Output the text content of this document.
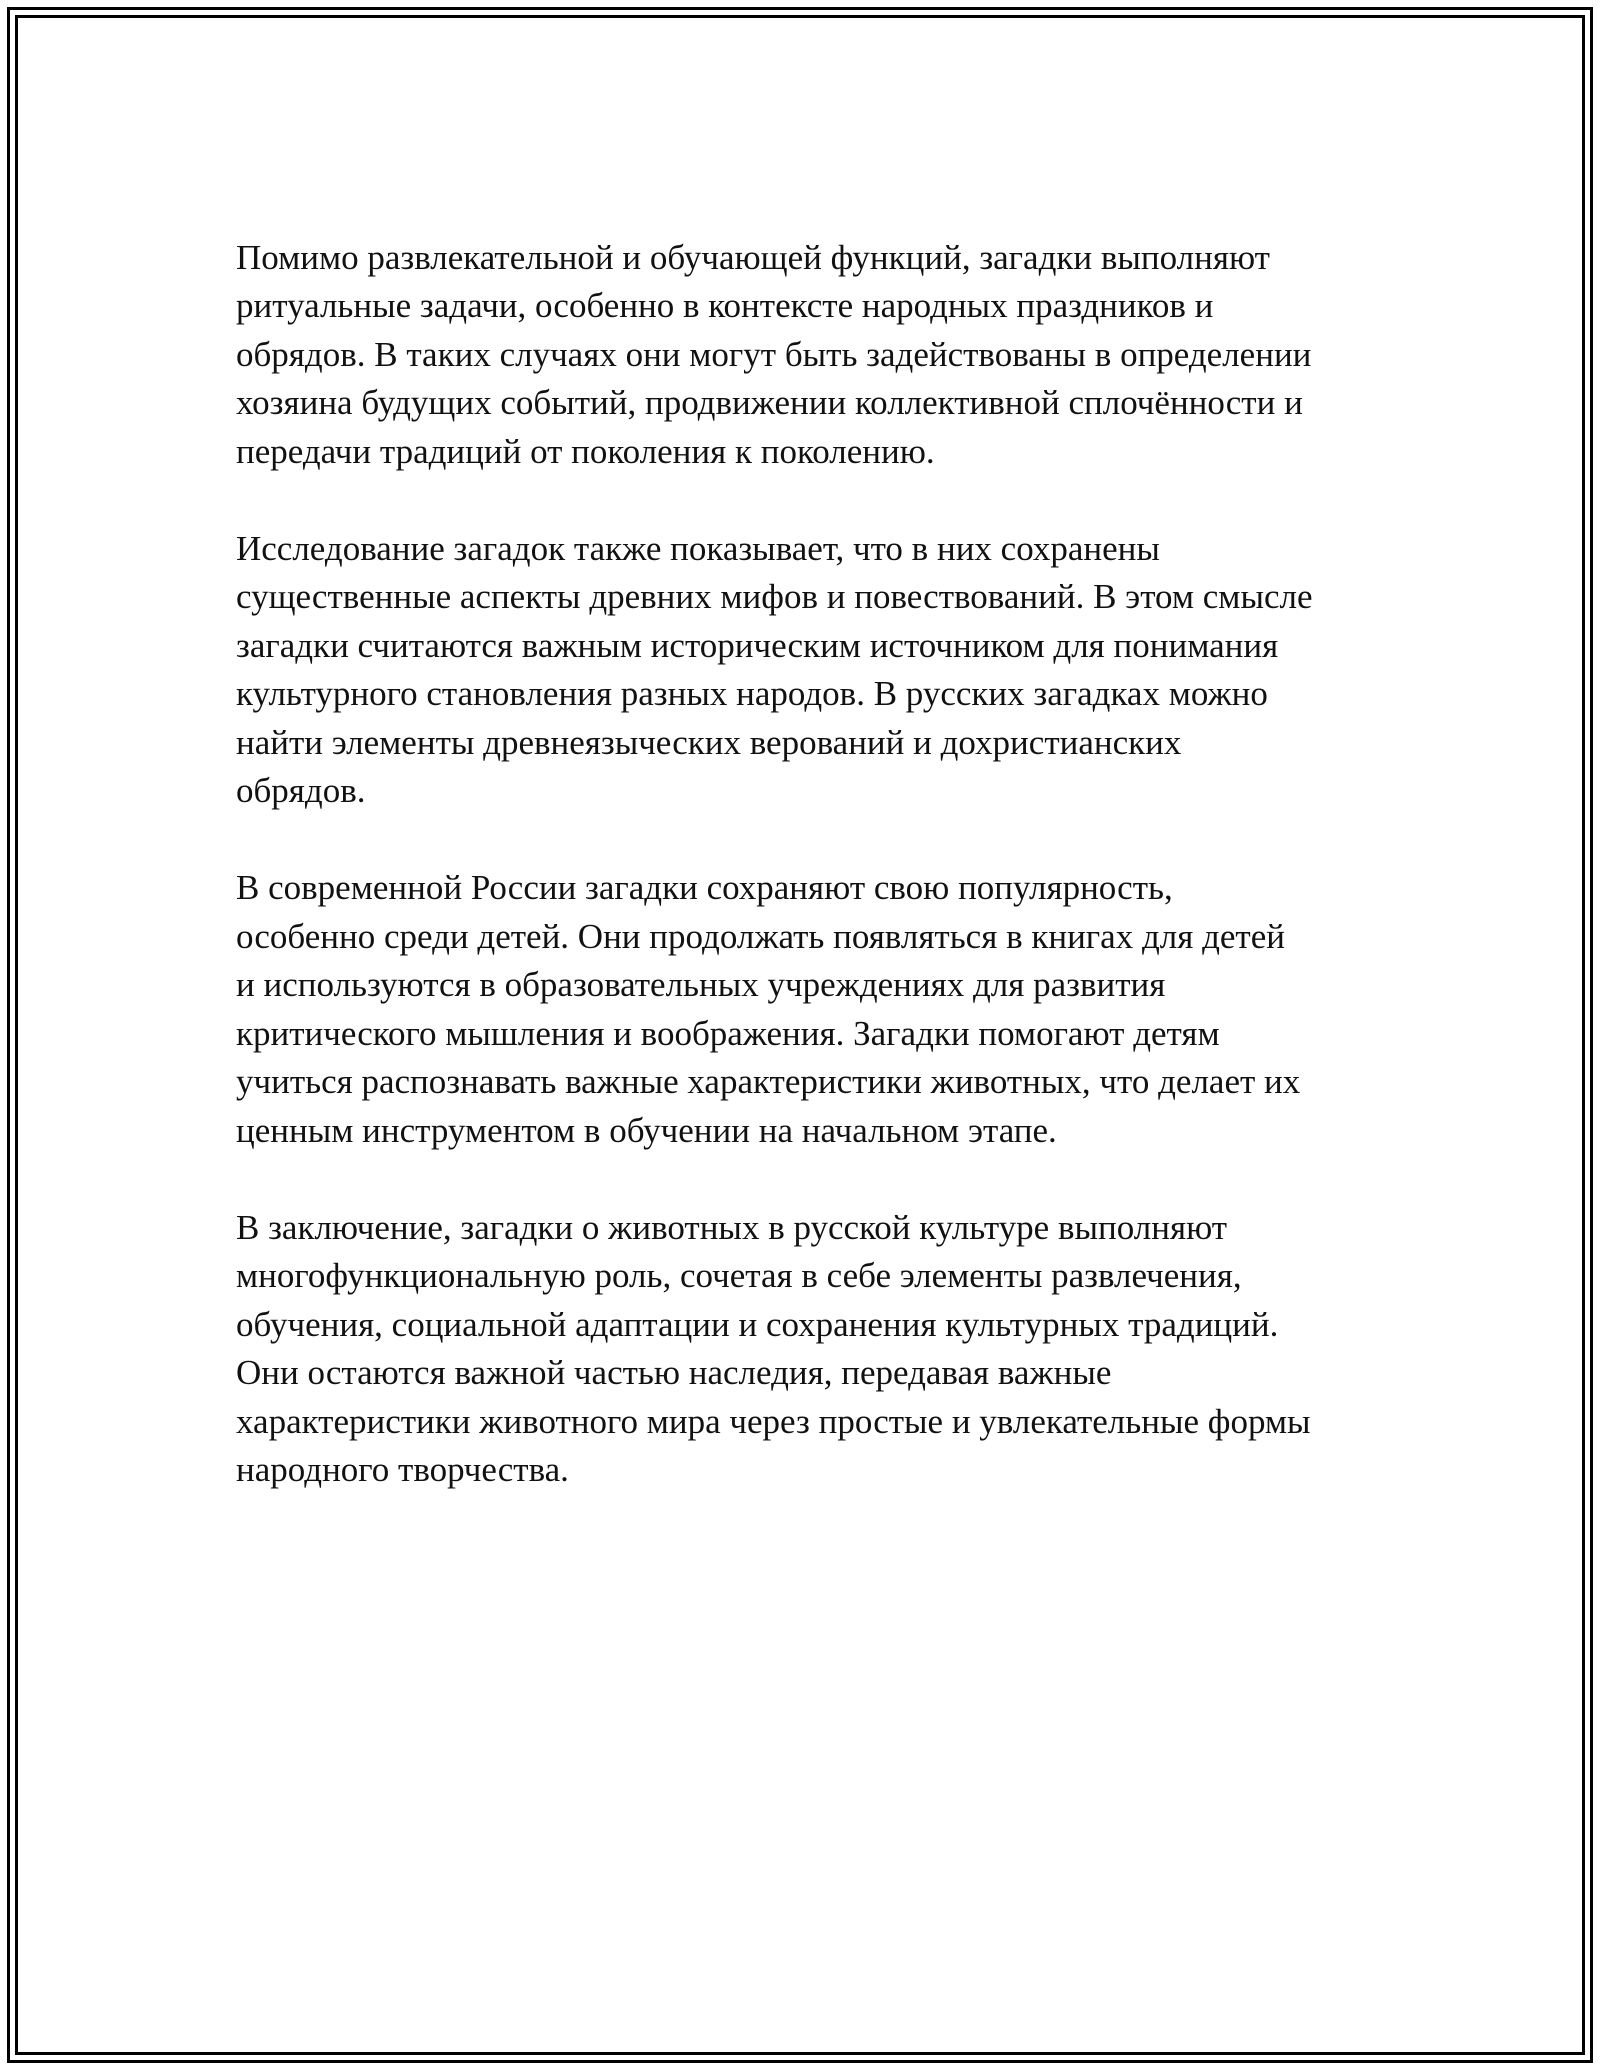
Помимо развлекательной и обучающей функций, загадки выполняют
ритуальные задачи, особенно в контексте народных праздников и
обрядов. В таких случаях они могут быть задействованы в определении
хозяина будущих событий, продвижении коллективной сплочённости и
передачи традиций от поколения к поколению.

Исследование загадок также показывает, что в них сохранены
существенные аспекты древних мифов и повествований. В этом смысле
загадки считаются важным историческим источником для понимания
культурного становления разных народов. В русских загадках можно
найти элементы древнеязыческих верований и дохристианских
обрядов.

В современной России загадки сохраняют свою популярность,
особенно среди детей. Они продолжать появляться в книгах для детей
и используются в образовательных учреждениях для развития
критического мышления и воображения. Загадки помогают детям
учиться распознавать важные характеристики животных, что делает их
ценным инструментом в обучении на начальном этапе.

В заключение, загадки о животных в русской культуре выполняют
многофункциональную роль, сочетая в себе элементы развлечения,
обучения, социальной адаптации и сохранения культурных традиций.
Они остаются важной частью наследия, передавая важные
характеристики животного мира через простые и увлекательные формы
народного творчества.
